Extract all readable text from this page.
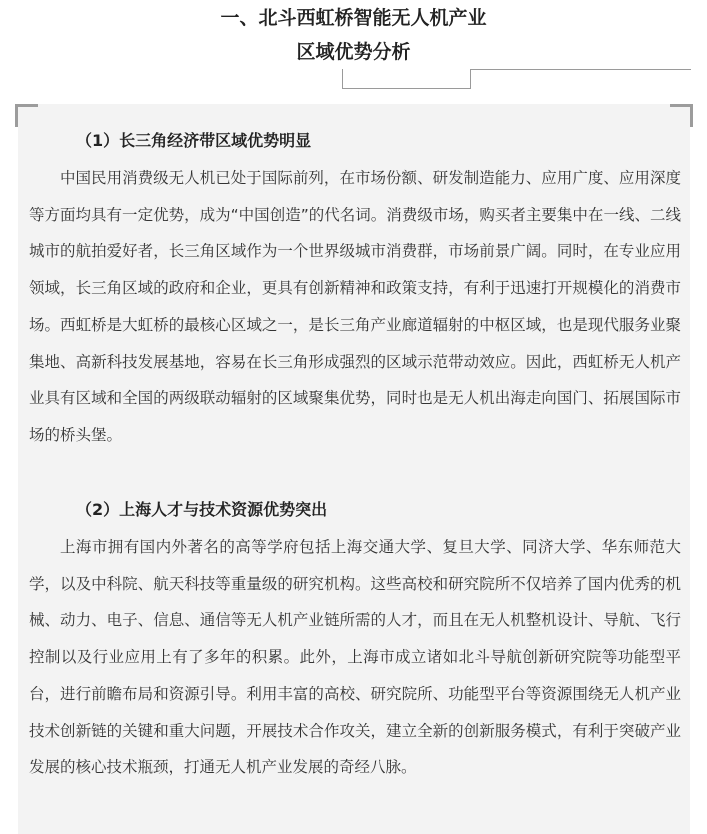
一、北斗西虹桥智能无人机产业
区域优势分析
（1）长三角经济带区域优势明显

中国民用消费级无人机已处于国际前列，在市场份额、研发制造能力、应用广度、应用深度等方面均具有一定优势，成为“中国创造”的代名词。消费级市场，购买者主要集中在一线、二线城市的航拍爱好者，长三角区域作为一个世界级城市消费群，市场前景广阔。同时，在专业应用领域，长三角区域的政府和企业，更具有创新精神和政策支持，有利于迅速打开规模化的消费市场。西虹桥是大虹桥的最核心区域之一，是长三角产业廊道辐射的中枢区域，也是现代服务业聚集地、高新科技发展基地，容易在长三角形成强烈的区域示范带动效应。因此，西虹桥无人机产业具有区域和全国的两级联动辐射的区域聚集优势，同时也是无人机出海走向国门、拓展国际市场的桥头堡。

（2）上海人才与技术资源优势突出

上海市拥有国内外著名的高等学府包括上海交通大学、复旦大学、同济大学、华东师范大学，以及中科院、航天科技等重量级的研究机构。这些高校和研究院所不仅培养了国内优秀的机械、动力、电子、信息、通信等无人机产业链所需的人才，而且在无人机整机设计、导航、飞行控制以及行业应用上有了多年的积累。此外，上海市成立诸如北斗导航创新研究院等功能型平台，进行前瞻布局和资源引导。利用丰富的高校、研究院所、功能型平台等资源围绕无人机产业技术创新链的关键和重大问题，开展技术合作攻关，建立全新的创新服务模式，有利于突破产业发展的核心技术瓶颈，打通无人机产业发展的奇经八脉。
